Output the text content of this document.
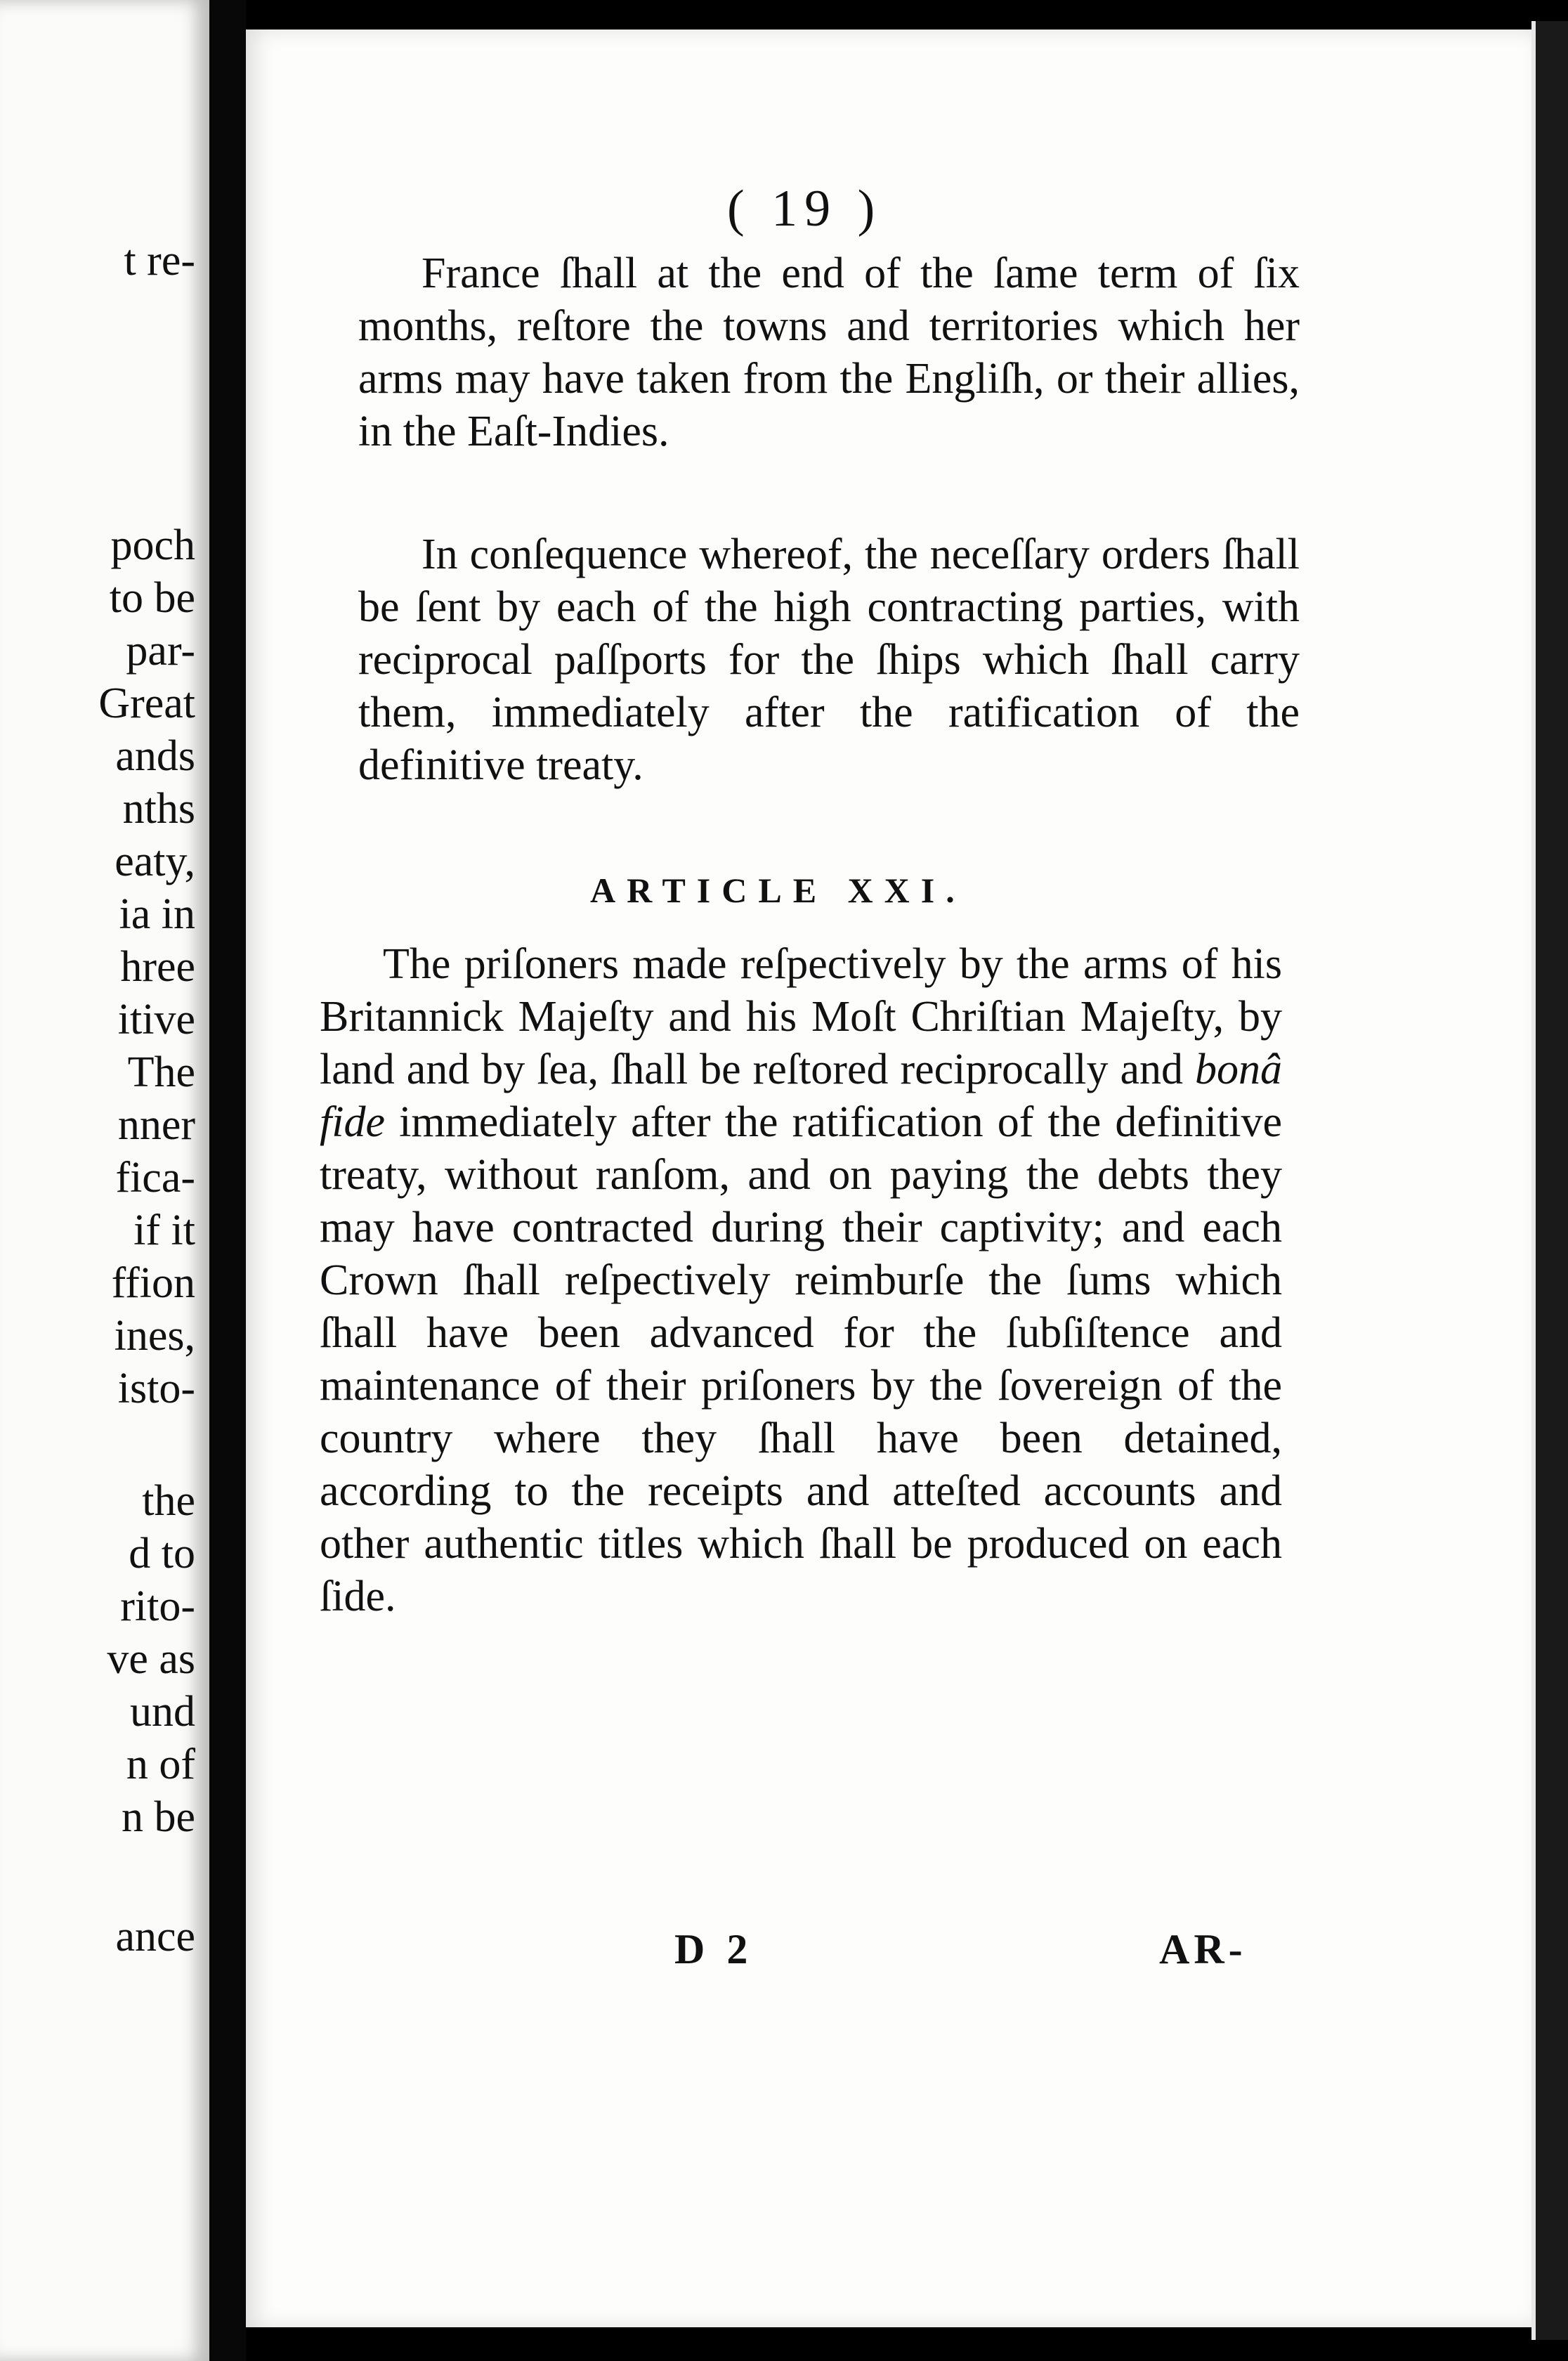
t re-
poch
to be
par-
Great
ands
nths
eaty,
ia in
hree
itive
The
nner
fica-
if it
ffion
ines,
isto-
the
d to
rito-
ve as
und
n of
n be
ance
( 19 )

France ſhall at the end of the ſame term of ſix months, reſtore the towns and territories which her arms may have taken from the Engliſh, or their allies, in the Eaſt-Indies.

In conſequence whereof, the neceſſary orders ſhall be ſent by each of the high contracting parties, with reciprocal paſſports for the ſhips which ſhall carry them, immediately after the ratification of the definitive treaty.

ARTICLE XXI.

The priſoners made reſpectively by the arms of his Britannick Majeſty and his Moſt Chriſtian Majeſty, by land and by ſea, ſhall be reſtored reciprocally and bonâ fide immediately after the ratification of the definitive treaty, without ranſom, and on paying the debts they may have contracted during their captivity; and each Crown ſhall reſpectively reimburſe the ſums which ſhall have been advanced for the ſubſiſtence and maintenance of their priſoners by the ſovereign of the country where they ſhall have been detained, according to the receipts and atteſted accounts and other authentic titles which ſhall be produced on each ſide.

D 2	AR-
